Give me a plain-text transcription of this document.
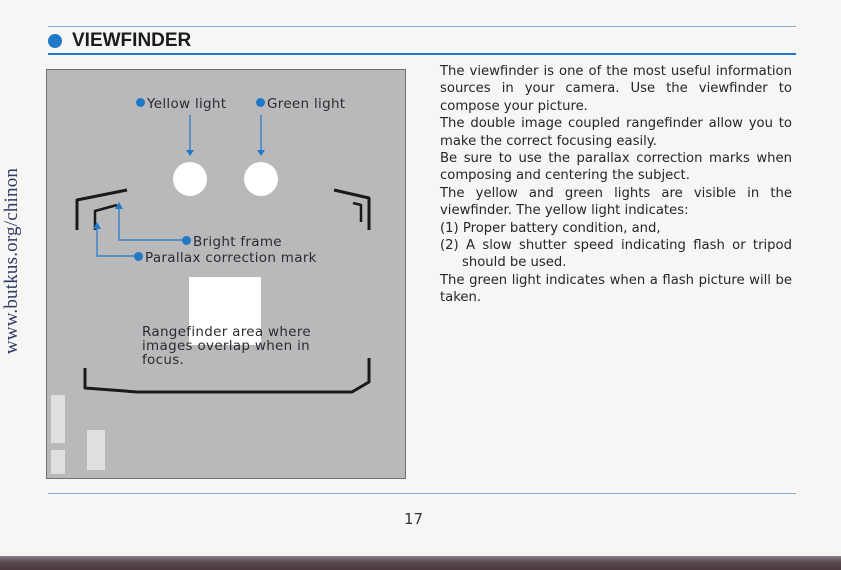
www.butkus.org/chinon
VIEWFINDER
Yellow light	Green light
Bright frame
Parallax correction mark
Rangefinder area where
images overlap when in
focus.

The viewfinder is one of the most useful information sources in your camera. Use the viewfinder to compose your picture.

The double image coupled rangefinder allow you to make the correct focusing easily.

Be sure to use the parallax correction marks when composing and centering the subject.

The yellow and green lights are visible in the viewfinder. The yellow light indicates:

(1) Proper battery condition, and,

(2) A slow shutter speed indicating flash or tripod should be used.

The green light indicates when a flash picture will be taken.

17
